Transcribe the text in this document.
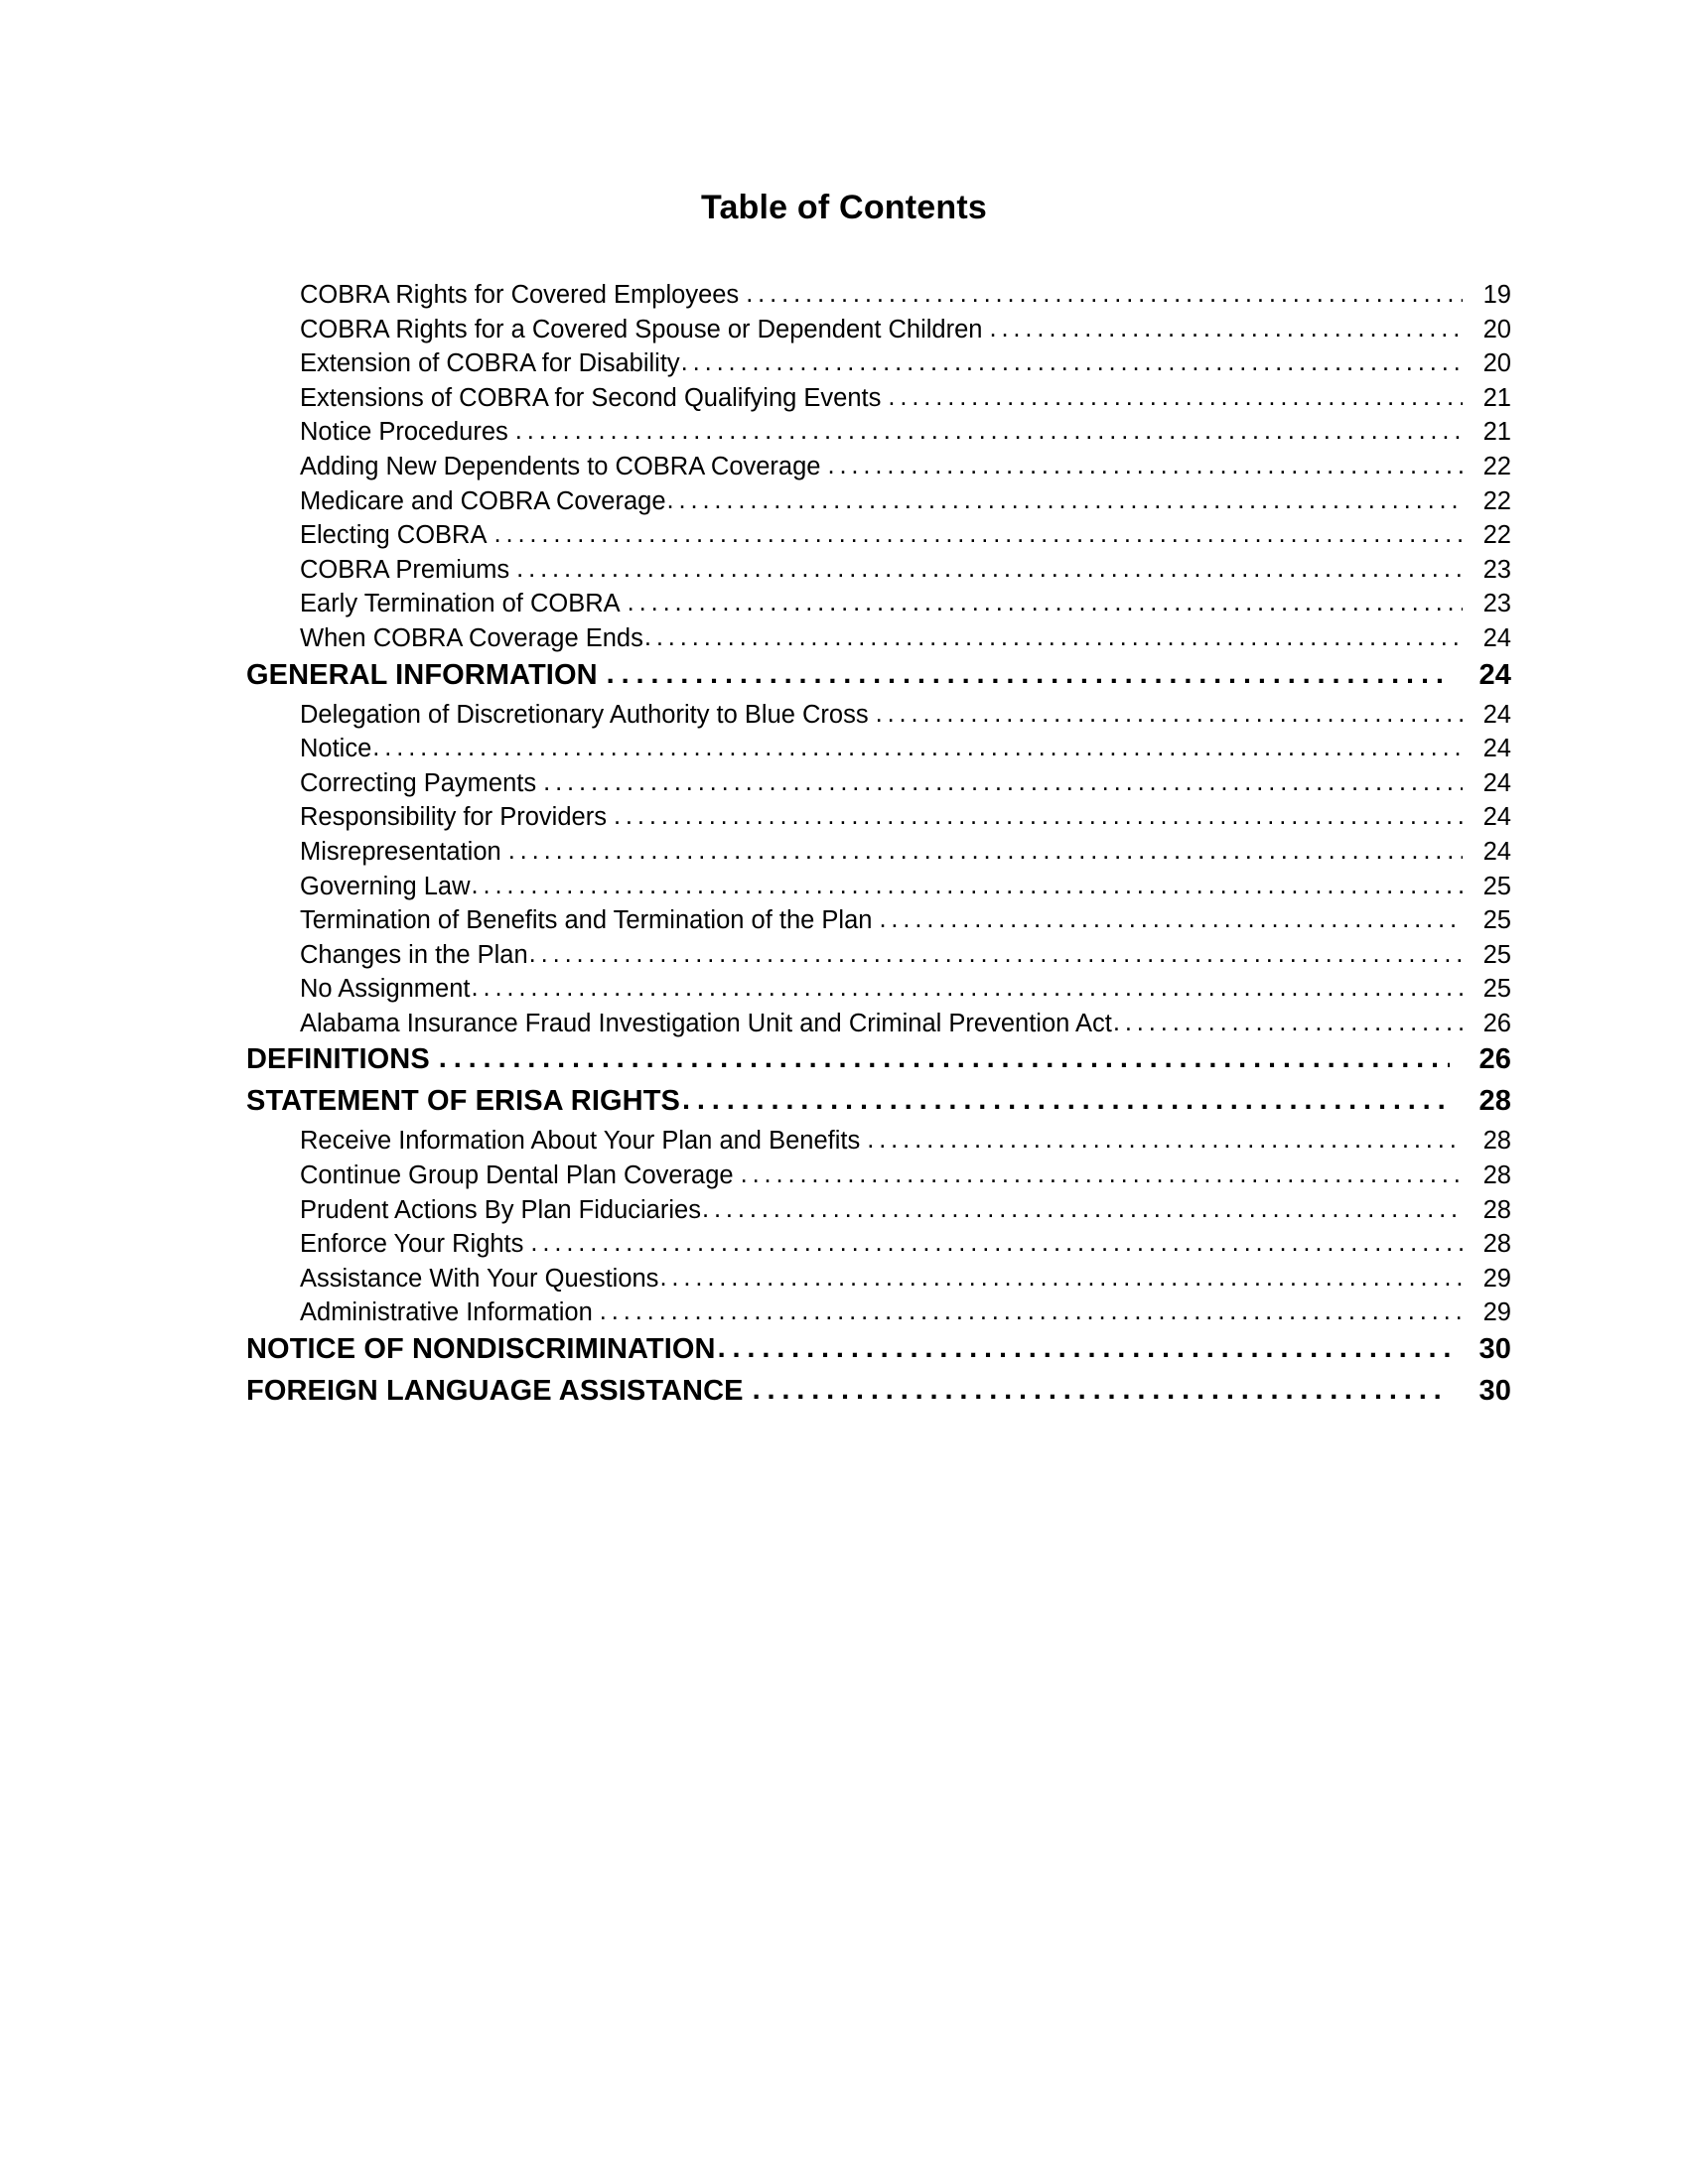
Table of Contents
COBRA Rights for Covered Employees . . .	19
COBRA Rights for a Covered Spouse or Dependent Children . . .	20
Extension of COBRA for Disability . . .	20
Extensions of COBRA for Second Qualifying Events . . .	21
Notice Procedures . . .	21
Adding New Dependents to COBRA Coverage . . .	22
Medicare and COBRA Coverage . . .	22
Electing COBRA . . .	22
COBRA Premiums . . .	23
Early Termination of COBRA . . .	23
When COBRA Coverage Ends . . .	24
GENERAL INFORMATION . . .	24
Delegation of Discretionary Authority to Blue Cross . . .	24
Notice . . .	24
Correcting Payments . . .	24
Responsibility for Providers . . .	24
Misrepresentation . . .	24
Governing Law . . .	25
Termination of Benefits and Termination of the Plan . . .	25
Changes in the Plan . . .	25
No Assignment . . .	25
Alabama Insurance Fraud Investigation Unit and Criminal Prevention Act . . .	26
DEFINITIONS . . .	26
STATEMENT OF ERISA RIGHTS . . .	28
Receive Information About Your Plan and Benefits . . .	28
Continue Group Dental Plan Coverage . . .	28
Prudent Actions By Plan Fiduciaries . . .	28
Enforce Your Rights . . .	28
Assistance With Your Questions . . .	29
Administrative Information . . .	29
NOTICE OF NONDISCRIMINATION . . .	30
FOREIGN LANGUAGE ASSISTANCE . . .	30
